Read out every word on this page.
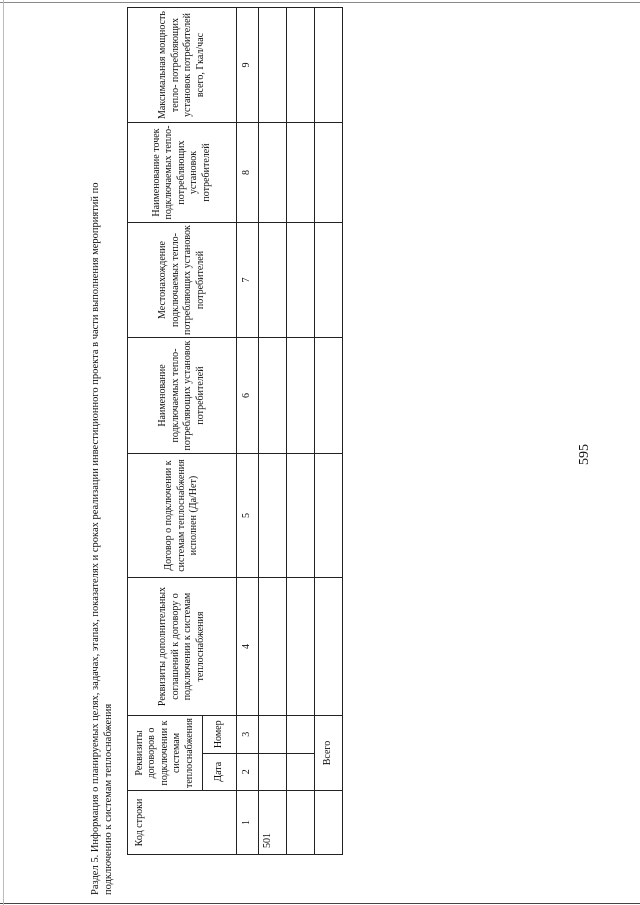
595
Раздел 5. Информация о планируемых целях, задачах, этапах, показателях и сроках реализации инвестиционного проекта в части выполнения мероприятий по подключению к системам теплоснабжения Код строки	Реквизиты договоров о подключении к системам теплоснабжения		Реквизиты дополнительных соглашений к договору о подключении к системам теплоснабжения	Договор о подключении к системам теплоснабжения исполнен (Да/Нет)	Наименование подключаемых тепло- потребляющих установок потребителей	Местонахождение подключаемых тепло- потребляющих установок потребителей	Наименование точек подключаемых тепло- потребляющих установок потребителей	Максимальная мощность тепло- потребляющих установок потребителей всего, Гкал/час
	Дата	Номер						
1	2	3	4	5	6	7	8	9
501								

	Всего							
